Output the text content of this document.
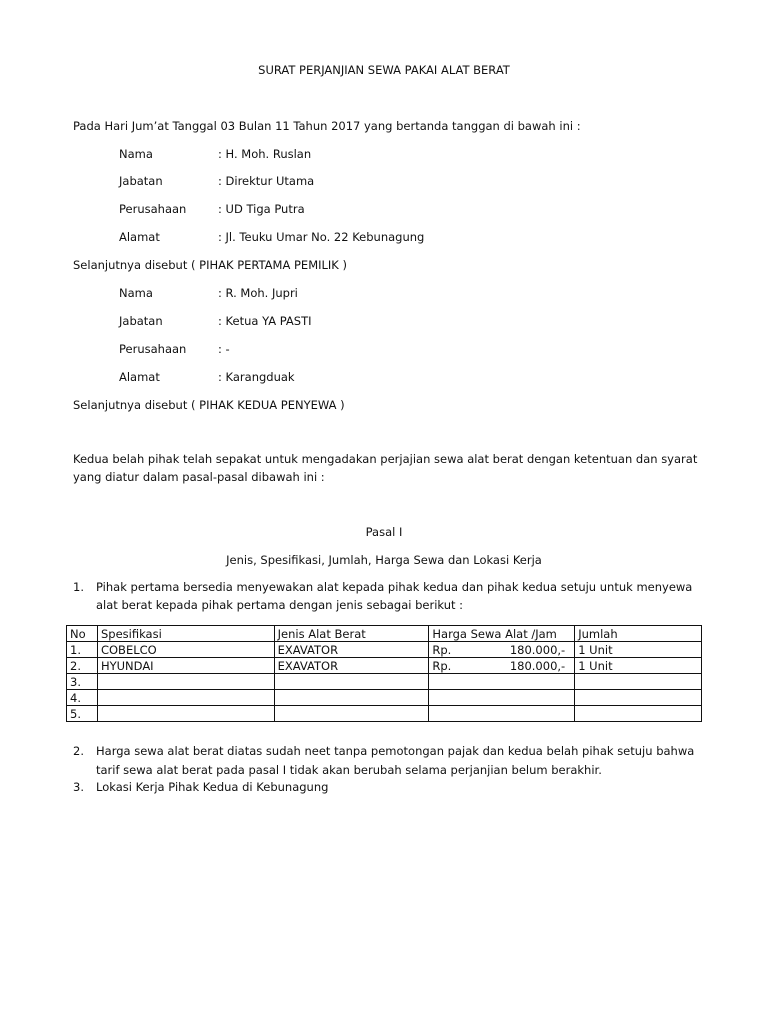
SURAT PERJANJIAN SEWA PAKAI ALAT BERAT
Pada Hari Jum’at Tanggal 03 Bulan 11 Tahun 2017 yang bertanda tanggan di bawah ini :
Nama	: H. Moh. Ruslan
Jabatan	: Direktur Utama
Perusahaan	: UD Tiga Putra
Alamat	: Jl. Teuku Umar No. 22 Kebunagung
Selanjutnya disebut ( PIHAK PERTAMA PEMILIK )
Nama	: R. Moh. Jupri
Jabatan	: Ketua YA PASTI
Perusahaan	: -
Alamat	: Karangduak
Selanjutnya disebut ( PIHAK KEDUA PENYEWA )
Kedua belah pihak telah sepakat untuk mengadakan perjajian sewa alat berat dengan ketentuan dan syarat
yang diatur dalam pasal-pasal dibawah ini :
Pasal I
Jenis, Spesifikasi, Jumlah, Harga Sewa dan Lokasi Kerja
1. Pihak pertama bersedia menyewakan alat kepada pihak kedua dan pihak kedua setuju untuk menyewa
alat berat kepada pihak pertama dengan jenis sebagai berikut :
No	Spesifikasi	Jenis Alat Berat	Harga Sewa Alat /Jam	Jumlah
1.	COBELCO	EXAVATOR	Rp. 180.000,-	1 Unit
2.	HYUNDAI	EXAVATOR	Rp. 180.000,-	1 Unit
3.				
4.				
5.				
2. Harga sewa alat berat diatas sudah neet tanpa pemotongan pajak dan kedua belah pihak setuju bahwa
tarif sewa alat berat pada pasal I tidak akan berubah selama perjanjian belum berakhir.
3. Lokasi Kerja Pihak Kedua di Kebunagung
